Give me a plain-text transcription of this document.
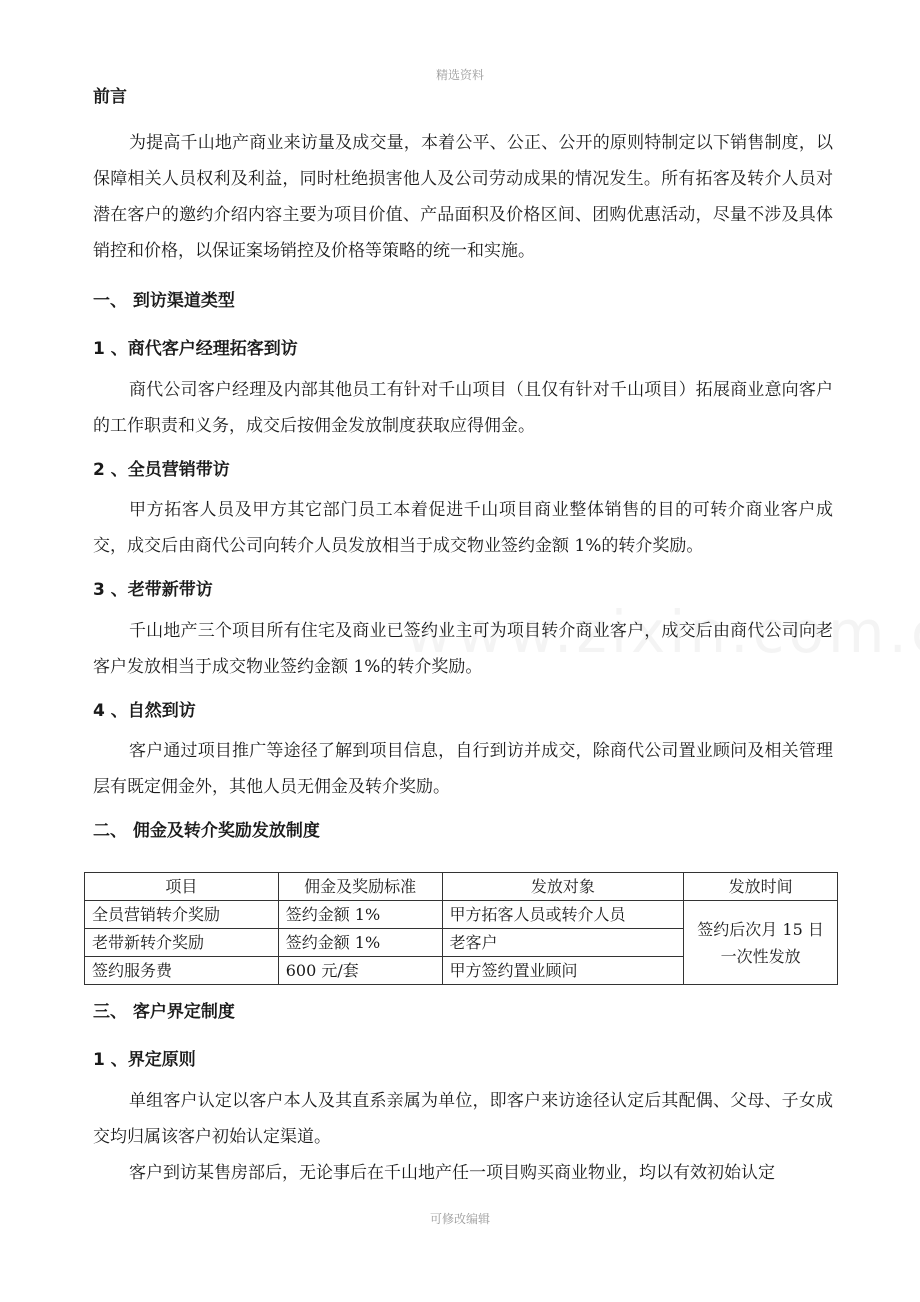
精选资料
前言

为提高千山地产商业来访量及成交量，本着公平、公正、公开的原则特制定以下销售制度，以保障相关人员权利及利益，同时杜绝损害他人及公司劳动成果的情况发生。所有拓客及转介人员对潜在客户的邀约介绍内容主要为项目价值、产品面积及价格区间、团购优惠活动，尽量不涉及具体销控和价格，以保证案场销控及价格等策略的统一和实施。

一、 到访渠道类型
1 、商代客户经理拓客到访

商代公司客户经理及内部其他员工有针对千山项目（且仅有针对千山项目）拓展商业意向客户的工作职责和义务，成交后按佣金发放制度获取应得佣金。

2 、全员营销带访

甲方拓客人员及甲方其它部门员工本着促进千山项目商业整体销售的目的可转介商业客户成交，成交后由商代公司向转介人员发放相当于成交物业签约金额 1%的转介奖励。

3 、老带新带访

千山地产三个项目所有住宅及商业已签约业主可为项目转介商业客户，成交后由商代公司向老客户发放相当于成交物业签约金额 1%的转介奖励。

4 、自然到访

客户通过项目推广等途径了解到项目信息，自行到访并成交，除商代公司置业顾问及相关管理层有既定佣金外，其他人员无佣金及转介奖励。

二、 佣金及转介奖励发放制度
项目	佣金及奖励标准	发放对象	发放时间
全员营销转介奖励	签约金额 1%	甲方拓客人员或转介人员	签约后次月 15 日一次性发放
老带新转介奖励	签约金额 1%	老客户	
签约服务费	600 元/套	甲方签约置业顾问	
三、 客户界定制度
1 、界定原则

单组客户认定以客户本人及其直系亲属为单位，即客户来访途径认定后其配偶、父母、子女成交均归属该客户初始认定渠道。

客户到访某售房部后，无论事后在千山地产任一项目购买商业物业，均以有效初始认定

可修改编辑
